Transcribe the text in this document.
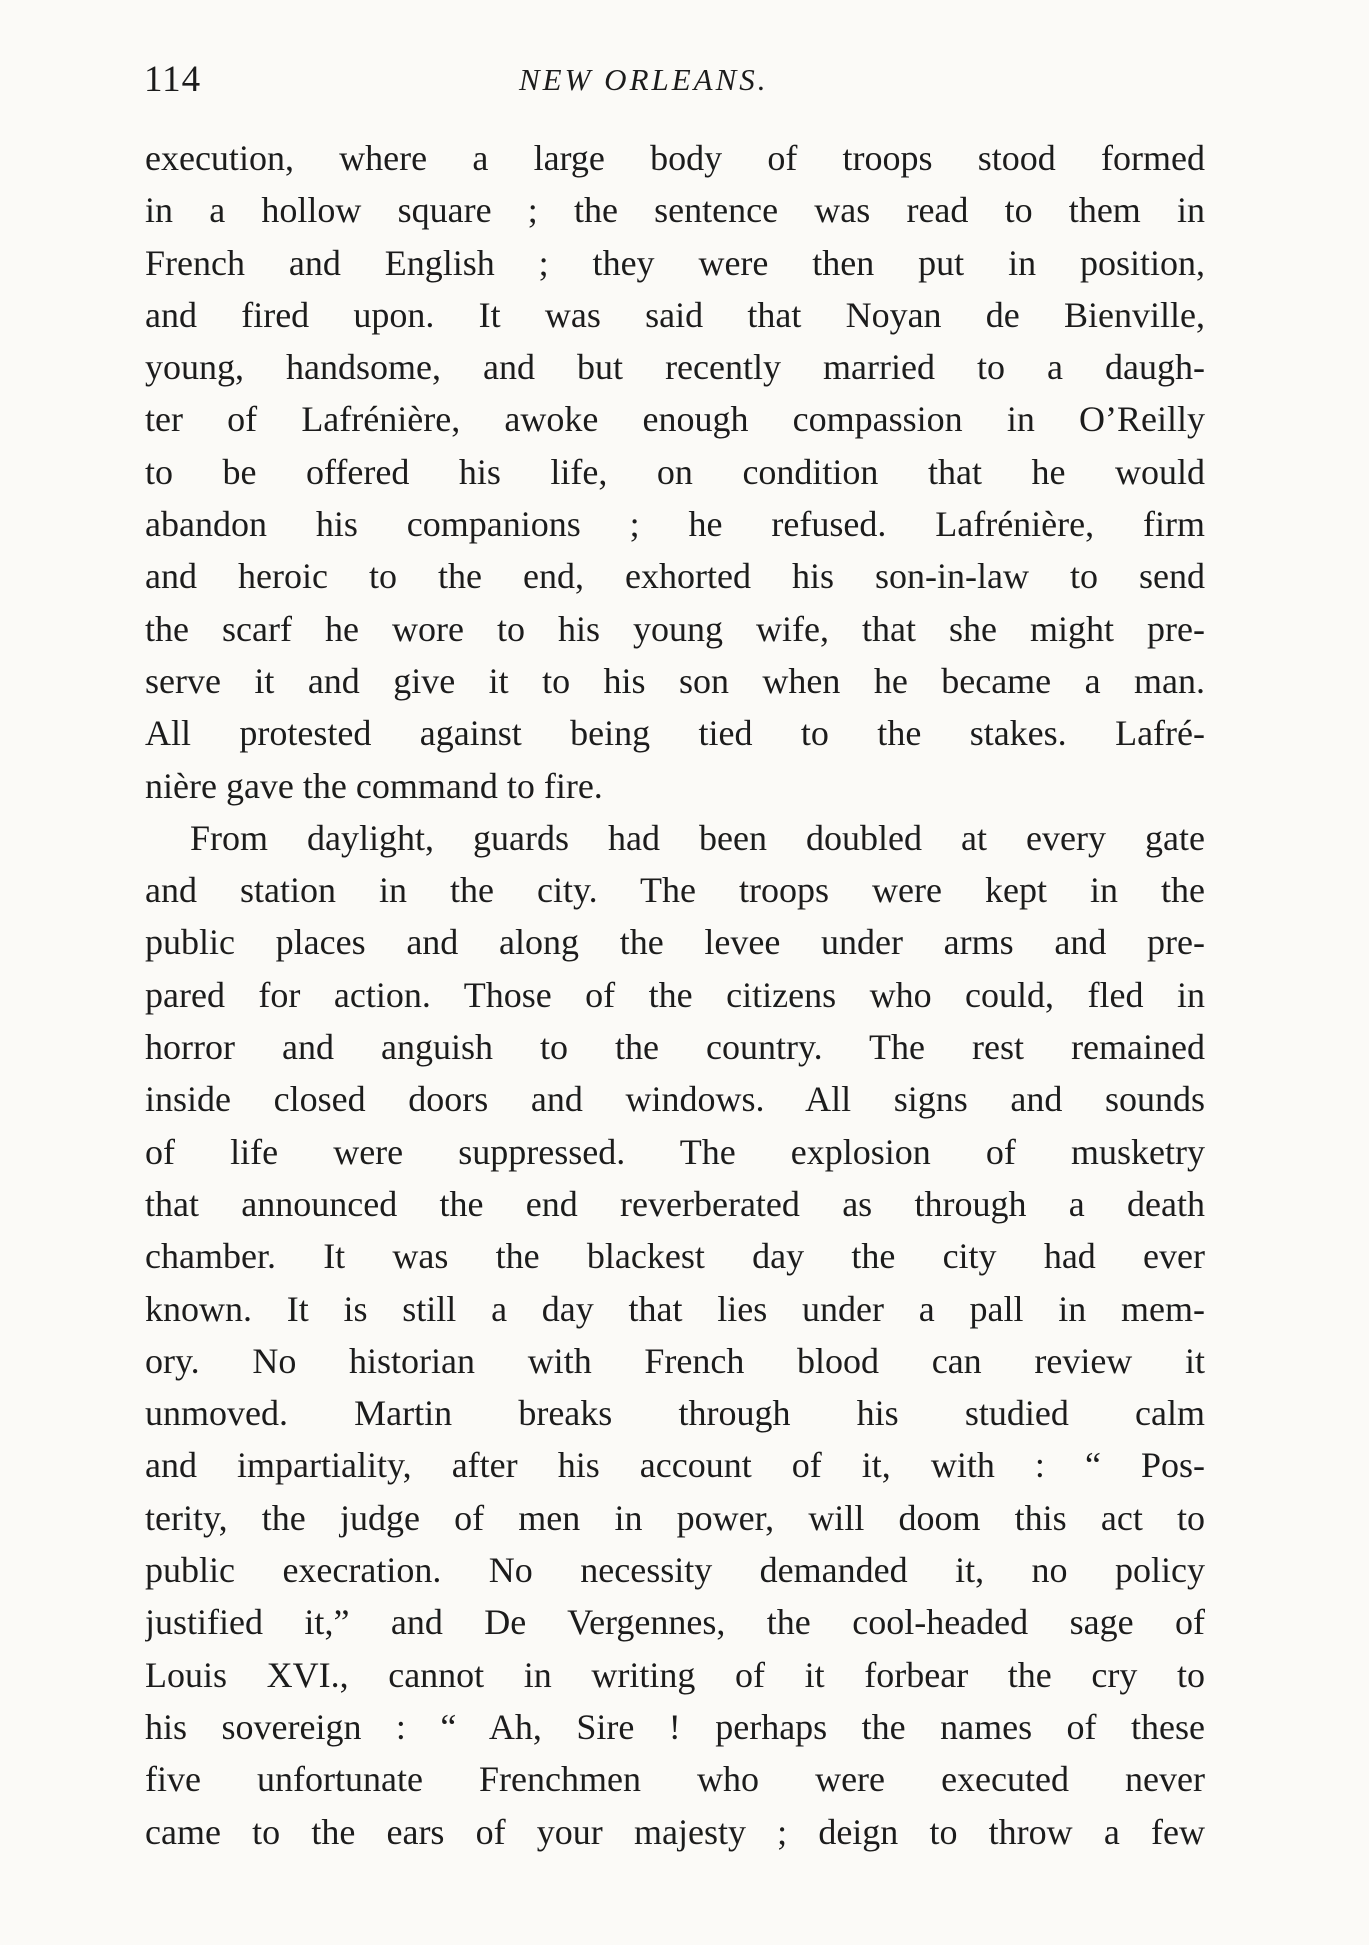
114	NEW ORLEANS.
execution, where a large body of troops stood formed
in a hollow square ; the sentence was read to them in
French and English ; they were then put in position,
and fired upon. It was said that Noyan de Bienville,
young, handsome, and but recently married to a daugh-
ter of Lafrénière, awoke enough compassion in O’Reilly
to be offered his life, on condition that he would
abandon his companions ; he refused. Lafrénière, firm
and heroic to the end, exhorted his son-in-law to send
the scarf he wore to his young wife, that she might pre-
serve it and give it to his son when he became a man.
All protested against being tied to the stakes. Lafré-
nière gave the command to fire.
From daylight, guards had been doubled at every gate
and station in the city. The troops were kept in the
public places and along the levee under arms and pre-
pared for action. Those of the citizens who could, fled in
horror and anguish to the country. The rest remained
inside closed doors and windows. All signs and sounds
of life were suppressed. The explosion of musketry
that announced the end reverberated as through a death
chamber. It was the blackest day the city had ever
known. It is still a day that lies under a pall in mem-
ory. No historian with French blood can review it
unmoved. Martin breaks through his studied calm
and impartiality, after his account of it, with : “ Pos-
terity, the judge of men in power, will doom this act to
public execration. No necessity demanded it, no policy
justified it,” and De Vergennes, the cool-headed sage of
Louis XVI., cannot in writing of it forbear the cry to
his sovereign : “ Ah, Sire ! perhaps the names of these
five unfortunate Frenchmen who were executed never
came to the ears of your majesty ; deign to throw a few
